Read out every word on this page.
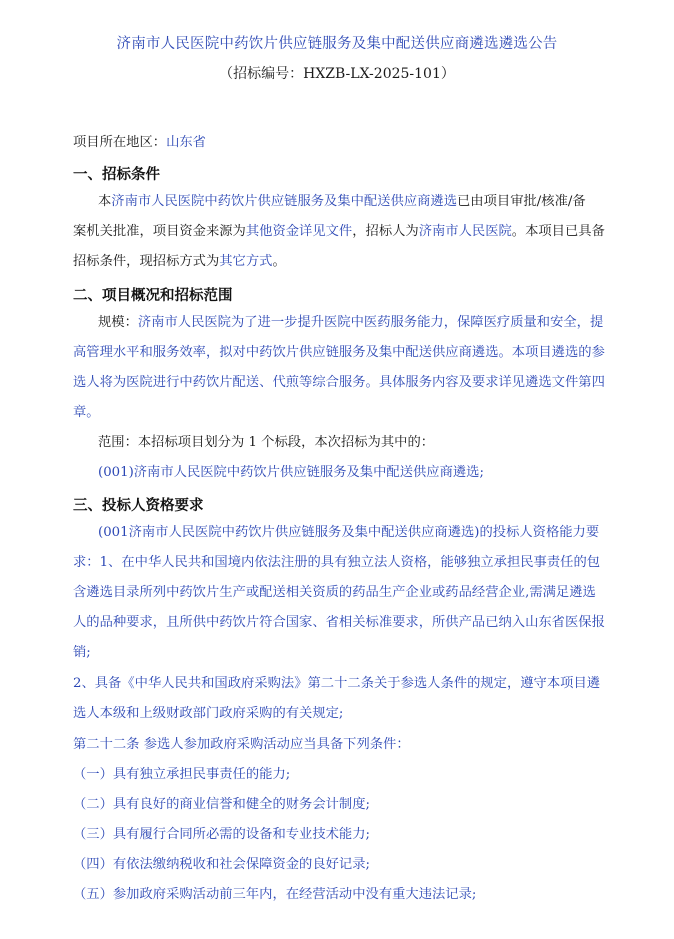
济南市人民医院中药饮片供应链服务及集中配送供应商遴选遴选公告
（招标编号：HXZB-LX-2025-101）
项目所在地区：山东省
一、招标条件
本济南市人民医院中药饮片供应链服务及集中配送供应商遴选已由项目审批/核准/备
案机关批准，项目资金来源为其他资金详见文件，招标人为济南市人民医院。本项目已具备
招标条件，现招标方式为其它方式。
二、项目概况和招标范围
规模：济南市人民医院为了进一步提升医院中医药服务能力，保障医疗质量和安全，提
高管理水平和服务效率，拟对中药饮片供应链服务及集中配送供应商遴选。本项目遴选的参
选人将为医院进行中药饮片配送、代煎等综合服务。具体服务内容及要求详见遴选文件第四
章。
范围：本招标项目划分为 1 个标段，本次招标为其中的：
(001)济南市人民医院中药饮片供应链服务及集中配送供应商遴选;
三、投标人资格要求
(001济南市人民医院中药饮片供应链服务及集中配送供应商遴选)的投标人资格能力要
求：1、在中华人民共和国境内依法注册的具有独立法人资格，能够独立承担民事责任的包
含遴选目录所列中药饮片生产或配送相关资质的药品生产企业或药品经营企业,需满足遴选
人的品种要求，且所供中药饮片符合国家、省相关标准要求，所供产品已纳入山东省医保报
销;
2、具备《中华人民共和国政府采购法》第二十二条关于参选人条件的规定，遵守本项目遴
选人本级和上级财政部门政府采购的有关规定;
第二十二条 参选人参加政府采购活动应当具备下列条件：
（一）具有独立承担民事责任的能力;
（二）具有良好的商业信誉和健全的财务会计制度;
（三）具有履行合同所必需的设备和专业技术能力;
（四）有依法缴纳税收和社会保障资金的良好记录;
（五）参加政府采购活动前三年内，在经营活动中没有重大违法记录;
